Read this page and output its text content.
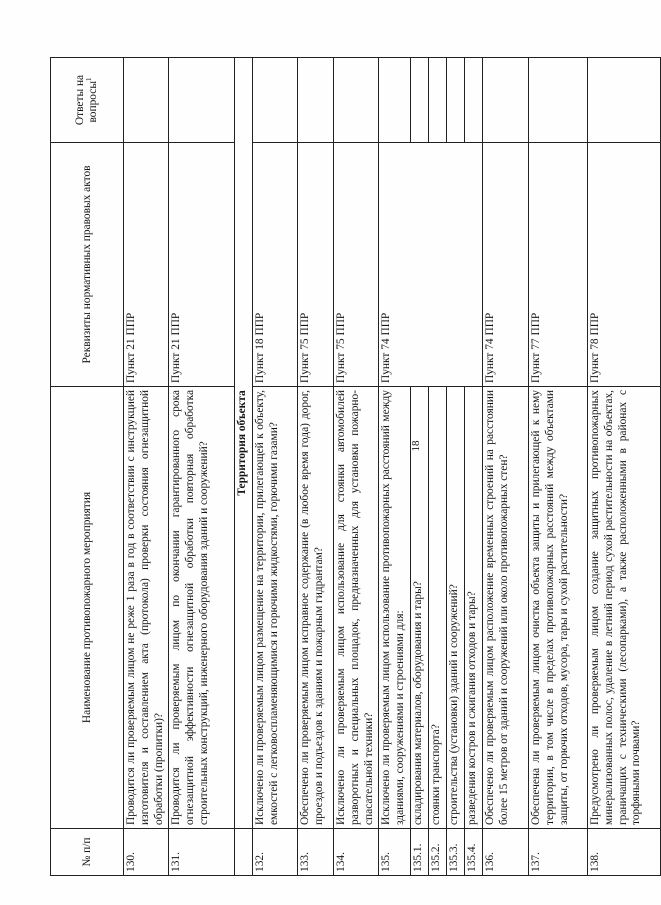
18
№ п/п	Наименование противопожарного мероприятия	Реквизиты нормативных правовых актов	Ответы на вопросы$^1$
130.	Проводится ли проверяемым лицом не реже 1 раза в год в соответствии с инструкцией изготовителя и составлением акта (протокола) проверки состояния огнезащитной обработки (пропитки)?	Пункт 21 ППР	
131.	Проводится ли проверяемым лицом по окончании гарантированного срока огнезащитной эффективности огнезащитной обработки повторная обработка строительных конструкций, инженерного оборудования зданий и сооружений?	Пункт 21 ППР	
	Территория объекта		
132.	Исключено ли проверяемым лицом размещение на территории, прилегающей к объекту, емкостей с легковоспламеняющимися и горючими жидкостями, горючими газами?	Пункт 18 ППР	
133.	Обеспечено ли проверяемым лицом исправное содержание (в любое время года) дорог, проездов и подъездов к зданиям и пожарным гидрантам?	Пункт 75 ППР	
134.	Исключено ли проверяемым лицом использование для стоянки автомобилей разворотных и специальных площадок, предназначенных для установки пожарно-спасательной техники?	Пункт 75 ППР	
135.	Исключено ли проверяемым лицом использование противопожарных расстояний между зданиями, сооружениями и строениями для:	Пункт 74 ППР	
135.1.	складирования материалов, оборудования и тары?		
135.2.	стоянки транспорта?		
135.3.	строительства (установки) зданий и сооружений?		
135.4.	разведения костров и сжигания отходов и тары?		
136.	Обеспечено ли проверяемым лицом расположение временных строений на расстоянии более 15 метров от зданий и сооружений или около противопожарных стен?	Пункт 74 ППР	
137.	Обеспечена ли проверяемым лицом очистка объекта защиты и прилегающей к нему территории, в том числе в пределах противопожарных расстояний между объектами защиты, от горючих отходов, мусора, тары и сухой растительности?	Пункт 77 ППР	
138.	Предусмотрено ли проверяемым лицом создание защитных противопожарных минерализованных полос, удаление в летний период сухой растительности на объектах, граничащих с техническими (лесопарками), а также расположенными в районах с торфяными почвами?	Пункт 78 ППР	
